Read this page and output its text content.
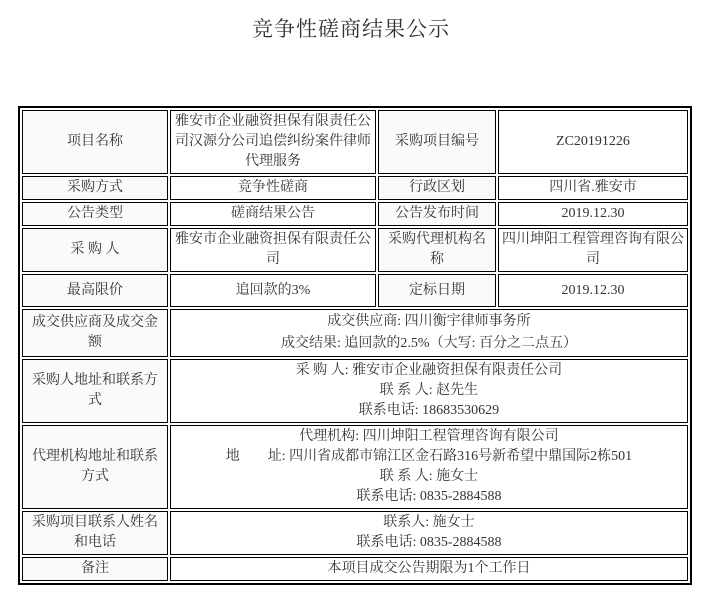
竞争性磋商结果公示
项目名称	雅安市企业融资担保有限责任公司汉源分公司追偿纠纷案件律师代理服务	采购项目编号	ZC20191226
采购方式	竞争性磋商	行政区划	四川省.雅安市
公告类型	磋商结果公告	公告发布时间	2019.12.30
采 购 人	雅安市企业融资担保有限责任公司	采购代理机构名称	四川坤阳工程管理咨询有限公司
最高限价	追回款的3%	定标日期	2019.12.30
成交供应商及成交金额	成交供应商: 四川衡宇律师事务所
成交结果: 追回款的2.5%（大写: 百分之二点五）		

采购人地址和联系方式	采 购 人: 雅安市企业融资担保有限责任公司
联 系 人: 赵先生
联系电话: 18683530629		

代理机构地址和联系方式	代理机构: 四川坤阳工程管理咨询有限公司
地　　址: 四川省成都市锦江区金石路316号新希望中鼎国际2栋501
联 系 人: 施女士
联系电话: 0835-2884588		

采购项目联系人姓名和电话	联系人: 施女士
联系电话: 0835-2884588		

备注	本项目成交公告期限为1个工作日		
